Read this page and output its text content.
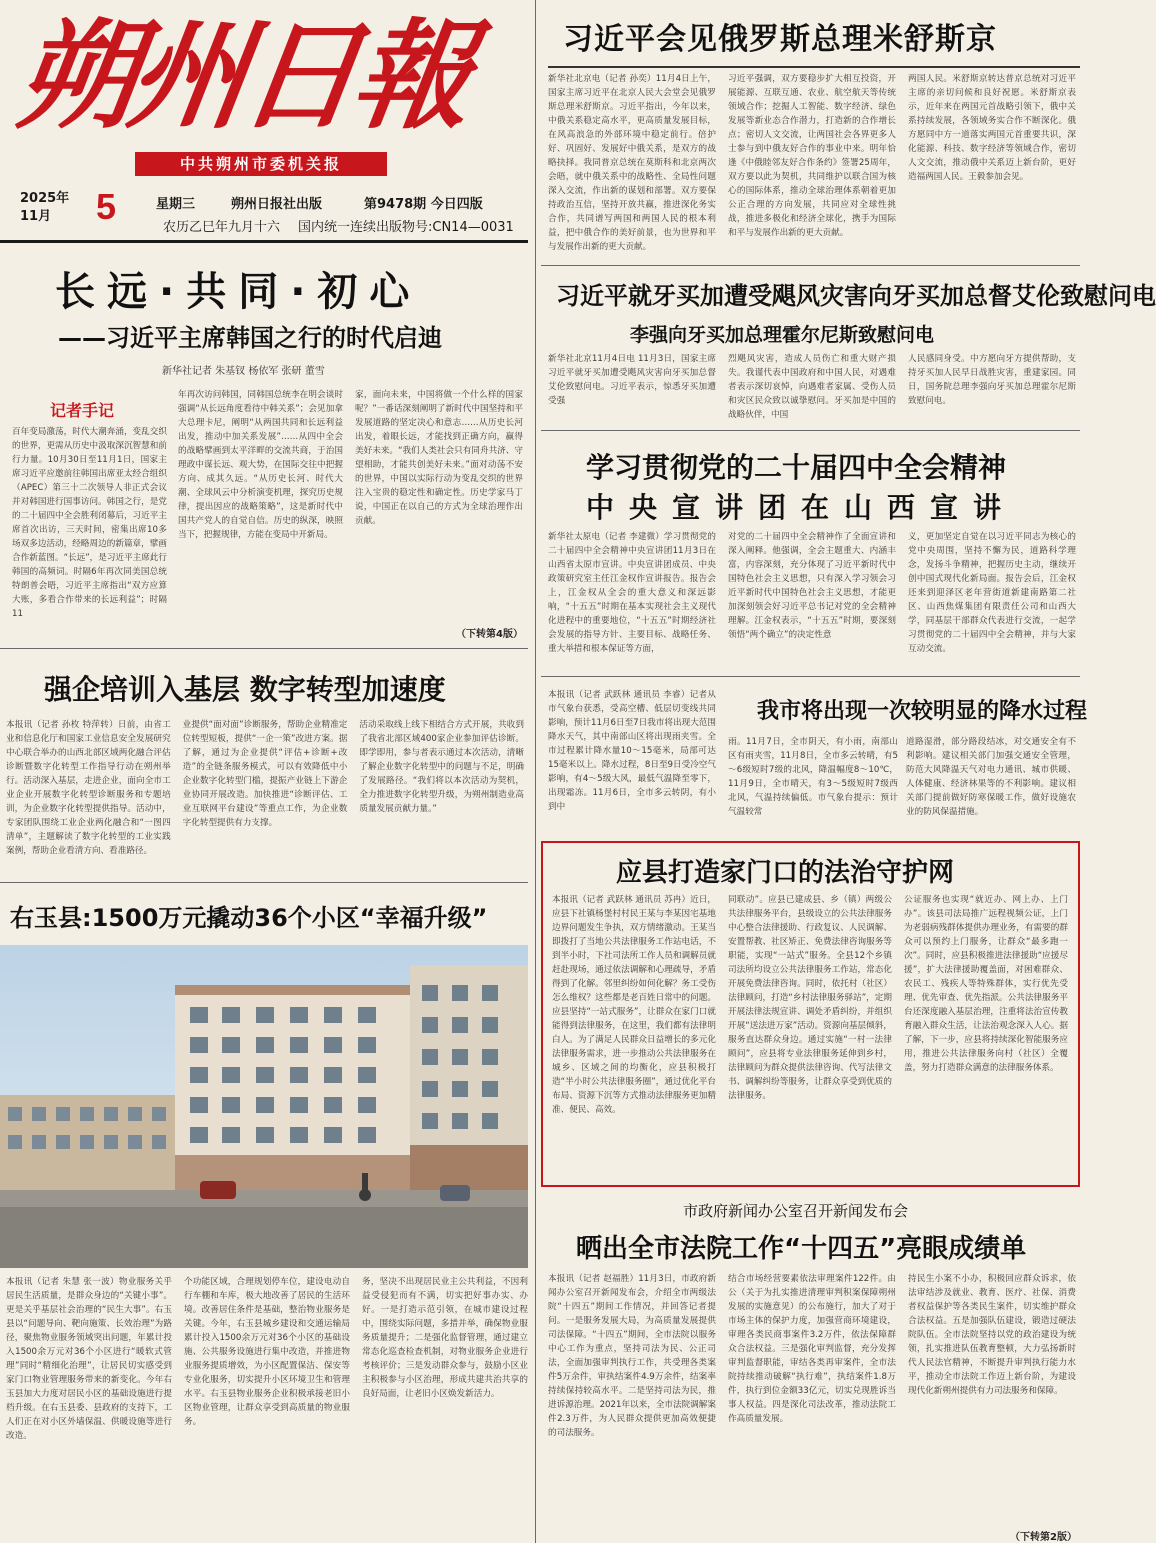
朔州日報
中共朔州市委机关报
2025年
11月	5	星期三	朔州日报社出版	第9478期 今日四版
农历乙巳年九月十六 国内统一连续出版物号:CN14—0031
习近平会见俄罗斯总理米舒斯京
新华社北京电（记者 孙奕）11月4日上午，国家主席习近平在北京人民大会堂会见俄罗斯总理米舒斯京。习近平指出，今年以来，中俄关系稳定高水平，更高质量发展目标，在风高浪急的外部环境中稳定前行。倍护好、巩固好、发展好中俄关系，是双方的战略抉择。我同普京总统在莫斯科和北京两次会晤，就中俄关系中的战略性、全局性问题深入交流，作出新的谋划和部署。双方要保持政治互信，坚持开放共赢，推进深化务实合作，共同谱写两国和两国人民的根本利益，把中俄合作的美好前景，也为世界和平与发展作出新的更大贡献。
习近平强调，双方要稳步扩大相互投资，开展能源、互联互通、农业、航空航天等传统领域合作；挖掘人工智能、数字经济、绿色发展等新业态合作潜力，打造新的合作增长点；密切人文交流，让两国社会各界更多人士参与到中俄友好合作的事业中来。明年恰逢《中俄睦邻友好合作条约》签署25周年，双方要以此为契机，共同维护以联合国为核心的国际体系，推动全球治理体系朝着更加公正合理的方向发展，共同应对全球性挑战，推进多极化和经济全球化，携手为国际和平与发展作出新的更大贡献。
两国人民。米舒斯京转达普京总统对习近平主席的亲切问候和良好祝愿。米舒斯京表示，近年来在两国元首战略引领下，俄中关系持续发展，各领域务实合作不断深化。俄方愿同中方一道落实两国元首重要共识，深化能源、科技、数字经济等领域合作，密切人文交流，推动俄中关系迈上新台阶，更好造福两国人民。王毅参加会见。
长远·共同·初心
——习近平主席韩国之行的时代启迪
新华社记者 朱基钗 杨依军 张研 董雪
记者手记
百年变局激荡，时代大潮奔涌，变乱交织的世界，更需从历史中汲取深沉智慧和前行力量。10月30日至11月1日，国家主席习近平应邀前往韩国出席亚太经合组织（APEC）第三十二次领导人非正式会议并对韩国进行国事访问。韩国之行，是党的二十届四中全会胜利闭幕后，习近平主席首次出访，三天时间，密集出席10多场双多边活动，经略周边的新篇章，擘画合作新蓝图。“长远”，是习近平主席此行韩国的高频词。时隔6年再次同美国总统特朗普会晤，习近平主席指出“双方应算大账，多看合作带来的长远利益”；时隔11
年再次访问韩国，同韩国总统李在明会谈时强调“从长远角度看待中韩关系”；会见加拿大总理卡尼，阐明“从两国共同和长远利益出发，推动中加关系发展”……从四中全会的战略擘画到太平洋畔的交流共商，于治国理政中谋长远、观大势，在国际交往中把握方向、成其久远。“从历史长河、时代大潮、全球风云中分析演变机理，探究历史规律，提出因应的战略策略”，这是新时代中国共产党人的自觉自信。历史的纵深，映照当下，把握规律，方能在变局中开新局。
家，面向未来，中国将做一个什么样的国家呢？”一番话深刻阐明了新时代中国坚持和平发展道路的坚定决心和意志……从历史长河出发，着眼长远，才能找到正确方向，赢得美好未来。“我们人类社会只有同舟共济、守望相助，才能共创美好未来。”面对动荡不安的世界，中国以实际行动为变乱交织的世界注入宝贵的稳定性和确定性。历史学家马丁说，中国正在以自己的方式为全球治理作出贡献。
（下转第4版）
习近平就牙买加遭受飓风灾害向牙买加总督艾伦致慰问电
李强向牙买加总理霍尔尼斯致慰问电
新华社北京11月4日电 11月3日，国家主席习近平就牙买加遭受飓风灾害向牙买加总督艾伦致慰问电。习近平表示，惊悉牙买加遭受强
烈飓风灾害，造成人员伤亡和重大财产损失。我谨代表中国政府和中国人民，对遇难者表示深切哀悼，向遇难者家属、受伤人员和灾区民众致以诚挚慰问。牙买加是中国的战略伙伴，中国
人民感同身受。中方愿向牙方提供帮助，支持牙买加人民早日战胜灾害，重建家园。同日，国务院总理李强向牙买加总理霍尔尼斯致慰问电。
学习贯彻党的二十届四中全会精神
中央宣讲团在山西宣讲
新华社太原电（记者 李建微）学习贯彻党的二十届四中全会精神中央宣讲团11月3日在山西省太原市宣讲。中央宣讲团成员、中央政策研究室主任江金权作宣讲报告。报告会上，江金权从全会的重大意义和深远影响，“十五五”时期在基本实现社会主义现代化进程中的重要地位，“十五五”时期经济社会发展的指导方针、主要目标、战略任务、重大举措和根本保证等方面，
对党的二十届四中全会精神作了全面宣讲和深入阐释。他强调，全会主题重大、内涵丰富，内容深刻，充分体现了习近平新时代中国特色社会主义思想，只有深入学习领会习近平新时代中国特色社会主义思想，才能更加深刻领会好习近平总书记对党的全会精神理解。江金权表示，“十五五”时期，要深刻领悟“两个确立”的决定性意
义，更加坚定自觉在以习近平同志为核心的党中央周围，坚持不懈为民，道路科学理念，发扬斗争精神，把握历史主动，继续开创中国式现代化新局面。报告会后，江金权还来到迎泽区老年营街道新建南路第二社区、山西焦煤集团有限责任公司和山西大学，同基层干部群众代表进行交流，一起学习贯彻党的二十届四中全会精神，并与大家互动交流。
强企培训入基层 数字转型加速度
本报讯（记者 孙枚 特萍转）日前，由省工业和信息化厅和国家工业信息安全发展研究中心联合举办的山西北部区域两化融合评估诊断暨数字化转型工作指导行动在朔州举行。活动深入基层，走进企业，面向全市工业企业开展数字化转型诊断服务和专题培训，为企业数字化转型提供指导。活动中，专家团队围绕工业企业两化融合和“一图四清单”，主题解读了数字化转型的工业实践案例，帮助企业看清方向、看准路径。
业提供“面对面”诊断服务，帮助企业精准定位转型短板，提供“一企一策”改进方案。据了解，通过为企业提供“评估+诊断+改造”的全链条服务模式，可以有效降低中小企业数字化转型门槛，提振产业链上下游企业协同开展改造。加快推进“诊断评估、工业互联网平台建设”等重点工作，为企业数字化转型提供有力支撑。
活动采取线上线下相结合方式开展，共收到了我省北部区域400家企业参加评估诊断。即学即用，参与者表示通过本次活动，清晰了解企业数字化转型中的问题与不足，明确了发展路径。“我们将以本次活动为契机，全力推进数字化转型升级，为朔州制造业高质量发展贡献力量。”
本报讯（记者 武跃林 通讯员 李睿）记者从市气象台获悉，受高空槽、低层切变线共同影响，预计11月6日至7日我市将出现大范围降水天气，其中南部山区将出现雨夹雪。全市过程累计降水量10～15毫米，局部可达15毫米以上。降水过程，8日至9日受冷空气影响，有4～5级大风，最低气温降至零下，出现霜冻。11月6日，全市多云转阴，有小到中
我市将出现一次较明显的降水过程
雨。11月7日，全市阴天，有小雨，南部山区有雨夹雪，11月8日，全市多云转晴，有5～6级短时7级的北风，降温幅度8～10℃，11月9日，全市晴天，有3～5级短时7级西北风，气温持续偏低。市气象台提示：预计气温较常
道路湿滑，部分路段结冰，对交通安全有不利影响。建议相关部门加强交通安全管理，防范大风降温天气对电力通讯、城市供暖、人体健康、经济林果等的不利影响。建议相关部门提前做好防寒保暖工作，做好设施农业的防风保温措施。
应县打造家门口的法治守护网
本报讯（记者 武跃林 通讯员 苏冉）近日，应县下社镇杨堡村村民王某与李某因宅基地边界问题发生争执，双方情绪激动。王某当即拨打了当地公共法律服务工作站电话，不到半小时，下社司法所工作人员和调解员就赶赴现场，通过依法调解和心理疏导，矛盾得到了化解。邻里纠纷如何化解？务工受伤怎么维权？这些都是老百姓日常中的问题。应县坚持“一站式服务”，让群众在家门口就能得到法律服务，在这里，我们都有法律明白人。为了满足人民群众日益增长的多元化法律服务需求，进一步推动公共法律服务在城乡、区域之间的均衡化，应县积极打造“半小时公共法律服务圈”，通过优化平台布局、资源下沉等方式推动法律服务更加精准、便民、高效。
同联动”。应县已建成县、乡（镇）两级公共法律服务平台，县级设立的公共法律服务中心整合法律援助、行政复议、人民调解、安置帮教、社区矫正、免费法律咨询服务等职能，实现“一站式”服务。全县12个乡镇司法所均设立公共法律服务工作站，常态化开展免费法律咨询。同时，依托村（社区）法律顾问，打造“乡村法律服务驿站”，定期开展法律法规宣讲、调处矛盾纠纷，并组织开展“送法进万家”活动。资源向基层倾斜，服务直达群众身边。通过实施“一村一法律顾问”，应县将专业法律服务延伸到乡村，法律顾问为群众提供法律咨询、代写法律文书、调解纠纷等服务，让群众享受到优质的法律服务。
公证服务也实现“就近办、网上办、上门办”。该县司法局推广远程视频公证，上门为老弱病残群体提供办理业务，有需要的群众可以预约上门服务，让群众“最多跑一次”。同时，应县积极推进法律援助“应援尽援”，扩大法律援助覆盖面，对困难群众、农民工、残疾人等特殊群体，实行优先受理、优先审查、优先指派。公共法律服务平台还深度融入基层治理，注重将法治宣传教育融入群众生活，让法治观念深入人心。据了解，下一步，应县将持续深化智能服务应用，推进公共法律服务向村（社区）全覆盖，努力打造群众满意的法律服务体系。
右玉县:1500万元撬动36个小区“幸福升级”
本报讯（记者 朱慧 张一波）物业服务关乎居民生活质量，是群众身边的“关键小事”。更是关乎基层社会治理的“民生大事”。右玉县以“问题导向、靶向施策、长效治理”为路径，聚焦物业服务领域突出问题，年累计投入1500余万元对36个小区进行“暖软式管理”同时“精细化治理”，让居民切实感受到家门口物业管理服务带来的新变化。今年右玉县加大力度对居民小区的基础设施进行提档升级。在右玉县委、县政府的支持下，工人们正在对小区外墙保温、供暖设施等进行改造。
个功能区域，合理规划停车位，建设电动自行车棚和车库，极大地改善了居民的生活环境。改善居住条件是基础，整治物业服务是关键。今年，右玉县城乡建设和交通运输局累计投入1500余万元对36个小区的基础设施、公共服务设施进行集中改造，并推进物业服务提质增效，为小区配置保洁、保安等专业化服务，切实提升小区环境卫生和管理水平。右玉县物业服务企业积极承接老旧小区物业管理，让群众享受到高质量的物业服务。
务，坚决不出现居民业主公共利益，不因利益受侵犯而有不满，切实把好事办实、办好。一是打造示范引领，在城市建设过程中，围绕实际问题，多措并举，确保物业服务质量提升；二是强化监督管理，通过建立常态化巡查检查机制，对物业服务企业进行考核评价；三是发动群众参与，鼓励小区业主积极参与小区治理，形成共建共治共享的良好局面，让老旧小区焕发新活力。
市政府新闻办公室召开新闻发布会
晒出全市法院工作“十四五”亮眼成绩单
本报讯（记者 赵福胜）11月3日，市政府新闻办公室召开新闻发布会，介绍全市两级法院“十四五”期间工作情况，并回答记者提问。一是服务发展大局，为高质量发展提供司法保障。“十四五”期间，全市法院以服务中心工作为重点，坚持司法为民、公正司法，全面加强审判执行工作，共受理各类案件5万余件，审执结案件4.9万余件，结案率持续保持较高水平。二是坚持司法为民，推进诉源治理。2021年以来，全市法院调解案件2.3万件，为人民群众提供更加高效便捷的司法服务。
结合市场经营要素依法审理案件122件。由公（关于为扎实推进清理审判积案保障朔州发展的实施意见）的公布施行，加大了对于市场主体的保护力度，加强营商环境建设，审理各类民商事案件3.2万件，依法保障群众合法权益。三是强化审判监督，充分发挥审判监督职能，审结各类再审案件，全市法院持续推动破解“执行难”，执结案件1.8万件，执行到位金额33亿元，切实兑现胜诉当事人权益。四是深化司法改革，推动法院工作高质量发展。
持民生小案不小办，积极回应群众诉求，依法审结涉及就业、教育、医疗、社保、消费者权益保护等各类民生案件，切实维护群众合法权益。五是加强队伍建设，锻造过硬法院队伍。全市法院坚持以党的政治建设为统领，扎实推进队伍教育整顿，大力弘扬新时代人民法官精神，不断提升审判执行能力水平，推动全市法院工作迈上新台阶，为建设现代化新朔州提供有力司法服务和保障。
（下转第2版）
